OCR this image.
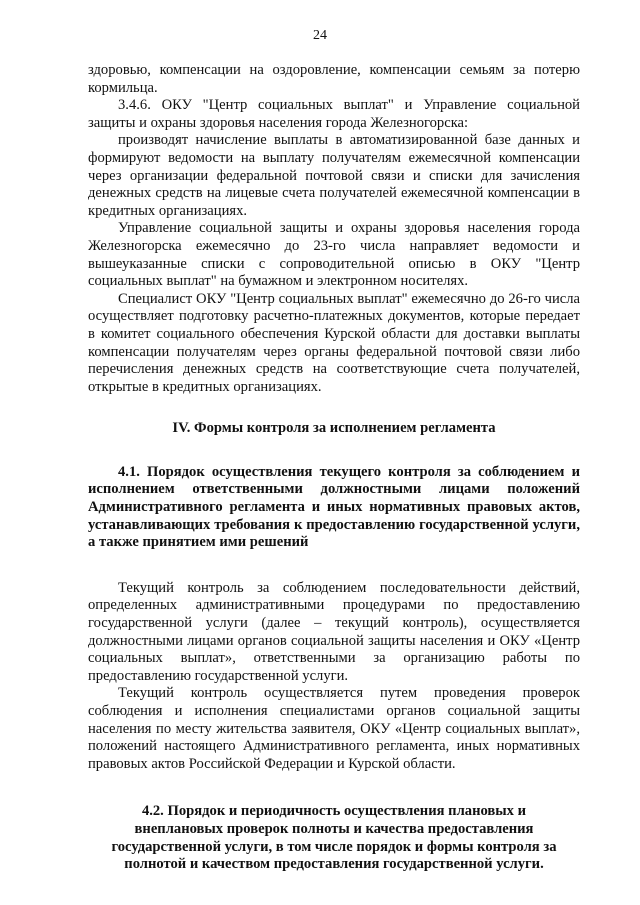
24

здоровью, компенсации на оздоровление, компенсации семьям за потерю кормильца.

3.4.6. ОКУ "Центр социальных выплат" и Управление социальной защиты и охраны здоровья населения города Железногорска:

производят начисление выплаты в автоматизированной базе данных и формируют ведомости на выплату получателям ежемесячной компенсации через организации федеральной почтовой связи и списки для зачисления денежных средств на лицевые счета получателей ежемесячной компенсации в кредитных организациях.

Управление социальной защиты и охраны здоровья населения города Железногорска ежемесячно до 23-го числа направляет ведомости и вышеуказанные списки с сопроводительной описью в ОКУ "Центр социальных выплат" на бумажном и электронном носителях.

Специалист ОКУ "Центр социальных выплат" ежемесячно до 26-го числа осуществляет подготовку расчетно-платежных документов, которые передает в комитет социального обеспечения Курской области для доставки выплаты компенсации получателям через органы федеральной почтовой связи либо перечисления денежных средств на соответствующие счета получателей, открытые в кредитных организациях.

IV. Формы контроля за исполнением регламента

4.1. Порядок осуществления текущего контроля за соблюдением и исполнением ответственными должностными лицами положений Административного регламента и иных нормативных правовых актов, устанавливающих требования к предоставлению государственной услуги, а также принятием ими решений

Текущий контроль за соблюдением последовательности действий, определенных административными процедурами по предоставлению государственной услуги (далее – текущий контроль), осуществляется должностными лицами органов социальной защиты населения и ОКУ «Центр социальных выплат», ответственными за организацию работы по предоставлению государственной услуги.

Текущий контроль осуществляется путем проведения проверок соблюдения и исполнения специалистами органов социальной защиты населения по месту жительства заявителя, ОКУ «Центр социальных выплат», положений настоящего Административного регламента, иных нормативных правовых актов Российской Федерации и Курской области.

4.2. Порядок и периодичность осуществления плановых и внеплановых проверок полноты и качества предоставления государственной услуги, в том числе порядок и формы контроля за полнотой и качеством предоставления государственной услуги.
